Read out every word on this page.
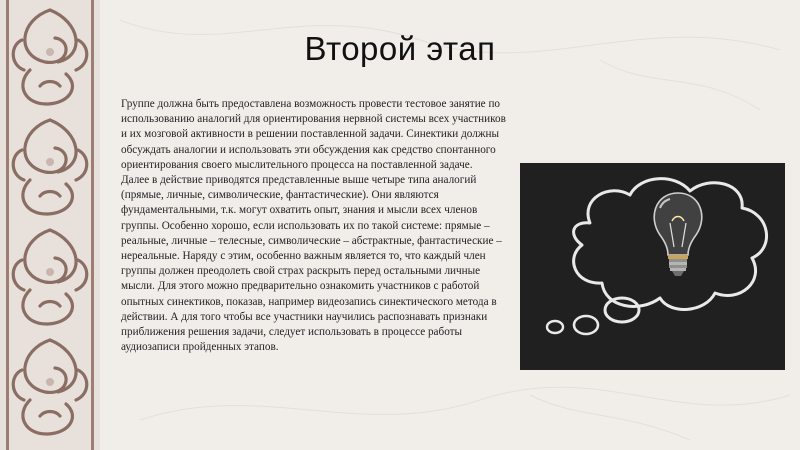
Второй этап

Группе должна быть предоставлена возможность провести тестовое занятие по использованию аналогий для ориентирования нервной системы всех участников и их мозговой активности в решении поставленной задачи. Синектики должны обсуждать аналогии и использовать эти обсуждения как средство спонтанного ориентирования своего мыслительного процесса на поставленной задаче.

Далее в действие приводятся представленные выше четыре типа аналогий (прямые, личные, символические, фантастические). Они являются фундаментальными, т.к. могут охватить опыт, знания и мысли всех членов группы. Особенно хорошо, если использовать их по такой системе: прямые – реальные, личные – телесные, символические – абстрактные, фантастические – нереальные. Наряду с этим, особенно важным является то, что каждый член группы должен преодолеть свой страх раскрыть перед остальными личные мысли. Для этого можно предварительно ознакомить участников с работой опытных синектиков, показав, например видеозапись синектического метода в действии. А для того чтобы все участники научились распознавать признаки приближения решения задачи, следует использовать в процессе работы аудиозаписи пройденных этапов.
